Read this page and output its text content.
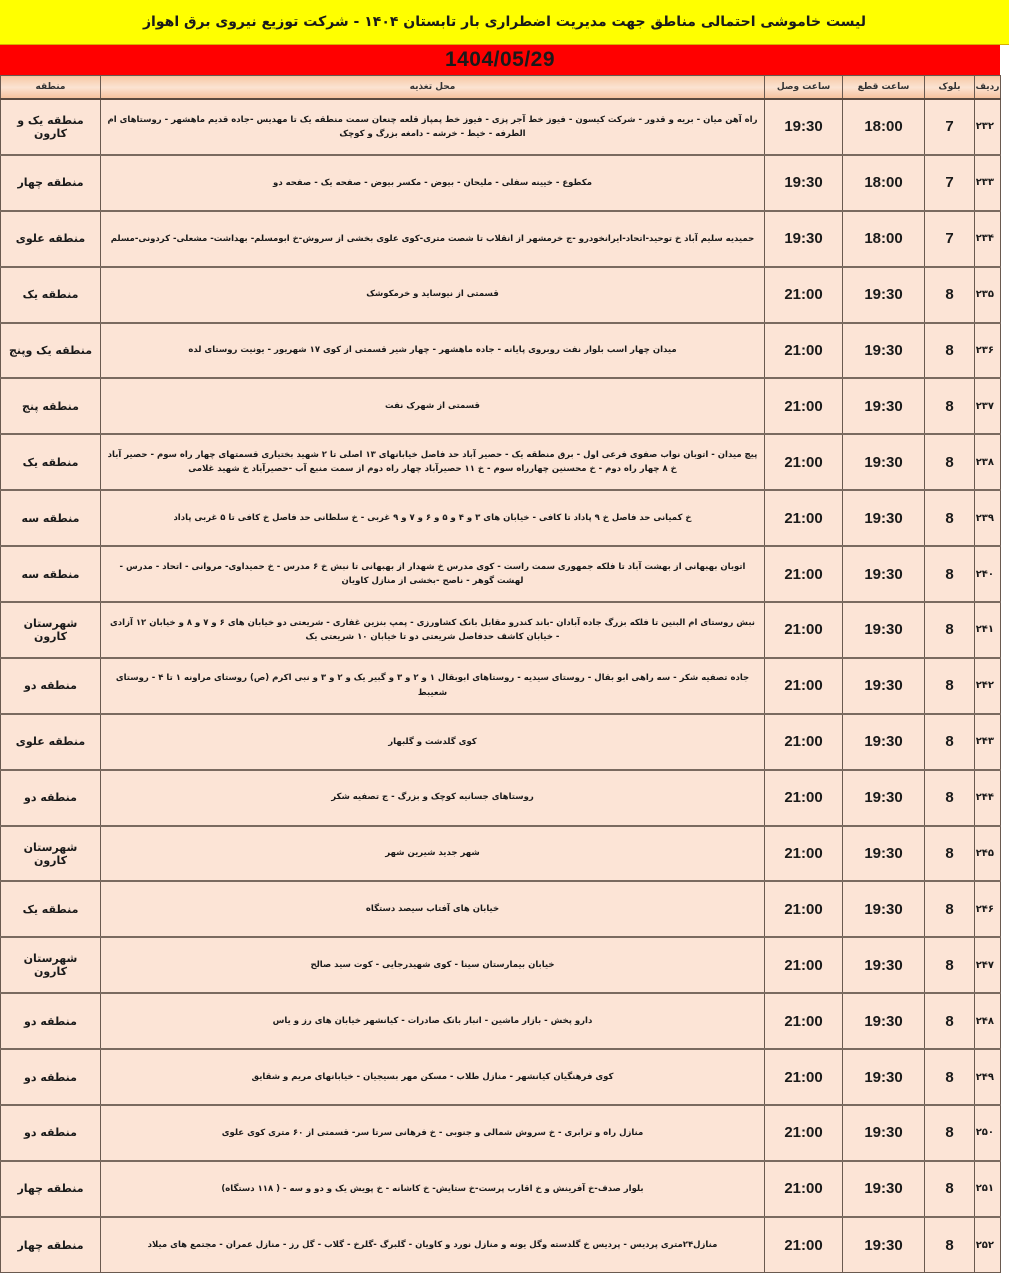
لیست خاموشی احتمالی مناطق جهت مدیریت اضطراری بار تابستان ۱۴۰۴ - شرکت توزیع نیروی برق اهواز
1404/05/29
ردیف	بلوک	ساعت قطع	ساعت وصل	محل تغذیه	منطقه
۲۳۲	7	18:00	19:30	راه آهن میان - بریه و قدور - شرکت کیسون - فیوز خط آجر پزی - فیوز خط پمپاز قلعه چنعان سمت منطقه یک تا مهدیس -جاده قدیم ماهشهر - روستاهای ام الطرفه - خیط - خرشه - دامغه بزرگ و کوچک	منطقه یک و کارون
۲۳۳	7	18:00	19:30	مکطوع - خیینه سفلی - ملیحان - بیوض - مکسر بیوض - صفحه یک - صفحه دو	منطقه چهار
۲۳۴	7	18:00	19:30	حمیدیه سلیم آباد خ توحید-اتحاد-ایرانخودرو -ج خرمشهر از انقلاب تا شصت متری-کوی علوی بخشی از سروش-خ ابومسلم- بهداشت- مشعلی- کردونی-مسلم	منطقه علوی
۲۳۵	8	19:30	21:00	قسمتی از نیوساید و خرمکوشک	منطقه یک
۲۳۶	8	19:30	21:00	میدان چهار اسب بلوار نفت روبروی پایانه - جاده ماهشهر - چهار شیر قسمتی از کوی ۱۷ شهریور - یونیت روستای لده	منطقه یک وپنج
۲۳۷	8	19:30	21:00	قسمتی از شهرک نفت	منطقه پنج
۲۳۸	8	19:30	21:00	پیچ میدان - اتوبان نواب صفوی فرعی اول - برق منطقه یک - حصیر آباد حد فاصل خیابانهای ۱۳ اصلی تا ۲ شهید بختیاری قسمتهای چهار راه سوم - حصیر آباد خ ۸ چهار راه دوم - خ محسنین چهارراه سوم - خ ۱۱ حصیرآباد چهار راه دوم از سمت منبع آب -حصیرآباد خ شهید غلامی	منطقه یک
۲۳۹	8	19:30	21:00	خ کمیانی حد فاصل خ ۹ پاداد تا کافی - خیابان های ۳ و ۴ و ۵ و ۶ و ۷ و ۹ غربی - خ سلطانی حد فاصل خ کافی تا ۵ غربی پاداد	منطقه سه
۲۴۰	8	19:30	21:00	اتوبان بهبهانی از بهشت آباد تا فلکه جمهوری سمت راست - کوی مدرس خ شهدار از بهبهانی تا نبش خ ۶ مدرس - خ حمیداوی- مروانی - اتحاد - مدرس - لهشت گوهر - ناصح -بخشی از منازل کاویان	منطقه سه
۲۴۱	8	19:30	21:00	نبش روستای ام البنین تا فلکه بزرگ جاده آبادان -باند کندرو مقابل بانک کشاورزی - پمپ بنزین غفاری - شریعتی دو خیابان های ۶ و ۷ و ۸ و خیابان ۱۲ آزادی - خیابان کاشف حدفاصل شریعتی دو تا خیابان ۱۰ شریعتی یک	شهرستان کارون
۲۴۲	8	19:30	21:00	جاده تصفیه شکر - سه راهی ابو بقال - روستای سیدیه - روستاهای ابوبقال ۱ و ۲ و ۳ و گبیر یک و ۲ و ۳ و نبی اکرم (ص) روستای مراونه ۱ تا ۴ - روستای شعیبط	منطقه دو
۲۴۳	8	19:30	21:00	کوی گلدشت و گلبهار	منطقه علوی
۲۴۴	8	19:30	21:00	روستاهای جسانیه کوچک و بزرگ - ج تصفیه شکر	منطقه دو
۲۴۵	8	19:30	21:00	شهر جدید شیرین شهر	شهرستان کارون
۲۴۶	8	19:30	21:00	خیابان های آفتاب سیصد دستگاه	منطقه یک
۲۴۷	8	19:30	21:00	خیابان بیمارستان سینا - کوی شهیدرجایی - کوت سید صالح	شهرستان کارون
۲۴۸	8	19:30	21:00	دارو پخش - بازار ماشین - انبار بانک صادرات - کیانشهر خیابان های رز و یاس	منطقه دو
۲۴۹	8	19:30	21:00	کوی فرهنگیان کیانشهر - منازل طلاب - مسکن مهر بسیجیان - خیابانهای مریم و شقایق	منطقه دو
۲۵۰	8	19:30	21:00	منازل راه و ترابری - خ سروش شمالی و جنوبی - خ فرهانی سرتا سر- قسمتی از ۶۰ متری کوی علوی	منطقه دو
۲۵۱	8	19:30	21:00	بلوار صدف-خ آفرینش و خ اقارب پرست-خ ستایش- خ کاشانه - خ پویش یک و دو و سه - ( ۱۱۸ دستگاه)	منطقه چهار
۲۵۲	8	19:30	21:00	منازل۲۴متری پردیس - پردیس خ گلدسته وگل یونه و منازل نورد و کاویان - گلبرگ -گلرخ - گلاب - گل رز - منازل عمران - مجتمع های میلاد	منطقه چهار
